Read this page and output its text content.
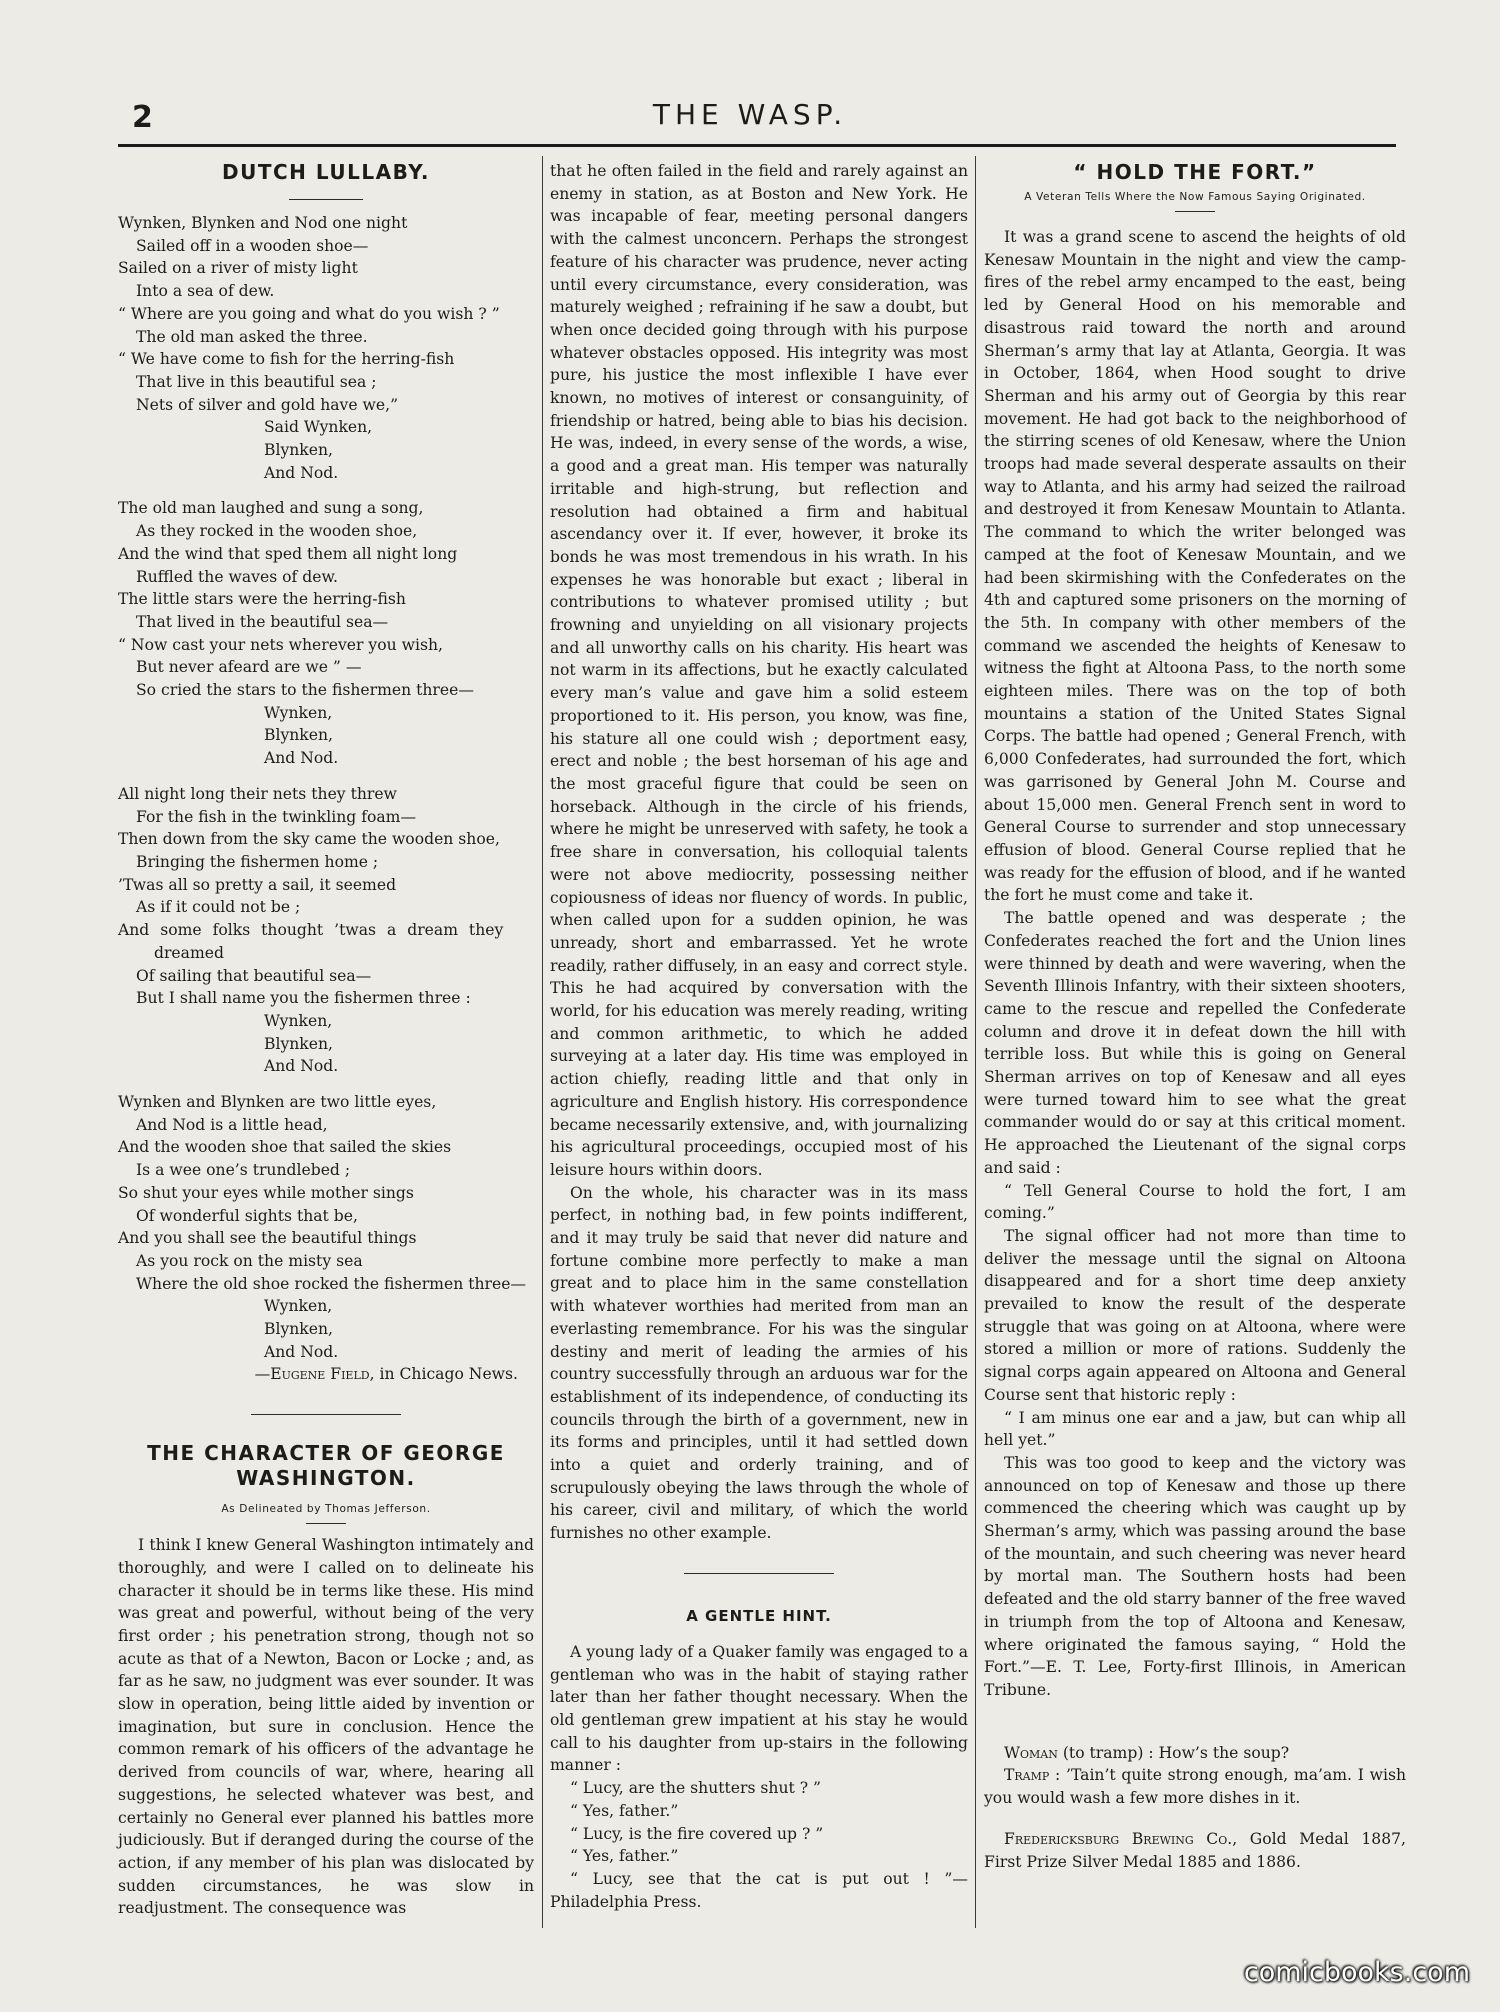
2	THE WASP.
DUTCH LULLABY.
Wynken, Blynken and Nod one night
Sailed off in a wooden shoe—
Sailed on a river of misty light
Into a sea of dew.
“ Where are you going and what do you wish ? ”
The old man asked the three.
“ We have come to fish for the herring-fish
That live in this beautiful sea ;
Nets of silver and gold have we,”
Said Wynken,
Blynken,
And Nod.
The old man laughed and sung a song,
As they rocked in the wooden shoe,
And the wind that sped them all night long
Ruffled the waves of dew.
The little stars were the herring-fish
That lived in the beautiful sea—
“ Now cast your nets wherever you wish,
But never afeard are we ” —
So cried the stars to the fishermen three—
Wynken,
Blynken,
And Nod.
All night long their nets they threw
For the fish in the twinkling foam—
Then down from the sky came the wooden shoe,
Bringing the fishermen home ;
’Twas all so pretty a sail, it seemed
As if it could not be ;
And some folks thought ’twas a dream they
dreamed
Of sailing that beautiful sea—
But I shall name you the fishermen three :
Wynken,
Blynken,
And Nod.
Wynken and Blynken are two little eyes,
And Nod is a little head,
And the wooden shoe that sailed the skies
Is a wee one’s trundlebed ;
So shut your eyes while mother sings
Of wonderful sights that be,
And you shall see the beautiful things
As you rock on the misty sea
Where the old shoe rocked the fishermen three—
Wynken,
Blynken,
And Nod.
—Eugene Field, in Chicago News.
THE CHARACTER OF GEORGE WASHINGTON.
As Delineated by Thomas Jefferson.

I think I knew General Washington intimately and thoroughly, and were I called on to delineate his character it should be in terms like these. His mind was great and powerful, without being of the very first order ; his penetration strong, though not so acute as that of a Newton, Bacon or Locke ; and, as far as he saw, no judgment was ever sounder. It was slow in operation, being little aided by invention or imagination, but sure in conclusion. Hence the common remark of his officers of the advantage he derived from councils of war, where, hearing all suggestions, he selected whatever was best, and certainly no General ever planned his battles more judiciously. But if deranged during the course of the action, if any member of his plan was dislocated by sudden circumstances, he was slow in readjustment. The consequence was

that he often failed in the field and rarely against an enemy in station, as at Boston and New York. He was incapable of fear, meeting personal dangers with the calmest unconcern. Perhaps the strongest feature of his character was prudence, never acting until every circumstance, every consideration, was maturely weighed ; refraining if he saw a doubt, but when once decided going through with his purpose whatever obstacles opposed. His integrity was most pure, his justice the most inflexible I have ever known, no motives of interest or consanguinity, of friendship or hatred, being able to bias his decision. He was, indeed, in every sense of the words, a wise, a good and a great man. His temper was naturally irritable and high-strung, but reflection and resolution had obtained a firm and habitual ascendancy over it. If ever, however, it broke its bonds he was most tremendous in his wrath. In his expenses he was honorable but exact ; liberal in contributions to whatever promised utility ; but frowning and unyielding on all visionary projects and all unworthy calls on his charity. His heart was not warm in its affections, but he exactly calculated every man’s value and gave him a solid esteem proportioned to it. His person, you know, was fine, his stature all one could wish ; deportment easy, erect and noble ; the best horseman of his age and the most graceful figure that could be seen on horseback. Although in the circle of his friends, where he might be unreserved with safety, he took a free share in conversation, his colloquial talents were not above mediocrity, possessing neither copiousness of ideas nor fluency of words. In public, when called upon for a sudden opinion, he was unready, short and embarrassed. Yet he wrote readily, rather diffusely, in an easy and correct style. This he had acquired by conversation with the world, for his education was merely reading, writing and common arithmetic, to which he added surveying at a later day. His time was employed in action chiefly, reading little and that only in agriculture and English history. His correspondence became necessarily extensive, and, with journalizing his agricultural proceedings, occupied most of his leisure hours within doors.

On the whole, his character was in its mass perfect, in nothing bad, in few points indifferent, and it may truly be said that never did nature and fortune combine more perfectly to make a man great and to place him in the same constellation with whatever worthies had merited from man an everlasting remembrance. For his was the singular destiny and merit of leading the armies of his country successfully through an arduous war for the establishment of its independence, of conducting its councils through the birth of a government, new in its forms and principles, until it had settled down into a quiet and orderly training, and of scrupulously obeying the laws through the whole of his career, civil and military, of which the world furnishes no other example.

A GENTLE HINT.

A young lady of a Quaker family was engaged to a gentleman who was in the habit of staying rather later than her father thought necessary. When the old gentleman grew impatient at his stay he would call to his daughter from up-stairs in the following manner :

“ Lucy, are the shutters shut ? ”

“ Yes, father.”

“ Lucy, is the fire covered up ? ”

“ Yes, father.”

“ Lucy, see that the cat is put out ! ”—Philadelphia Press.

“ HOLD THE FORT.”
A Veteran Tells Where the Now Famous Saying Originated.

It was a grand scene to ascend the heights of old Kenesaw Mountain in the night and view the camp-fires of the rebel army encamped to the east, being led by General Hood on his memorable and disastrous raid toward the north and around Sherman’s army that lay at Atlanta, Georgia. It was in October, 1864, when Hood sought to drive Sherman and his army out of Georgia by this rear movement. He had got back to the neighborhood of the stirring scenes of old Kenesaw, where the Union troops had made several desperate assaults on their way to Atlanta, and his army had seized the railroad and destroyed it from Kenesaw Mountain to Atlanta. The command to which the writer belonged was camped at the foot of Kenesaw Mountain, and we had been skirmishing with the Confederates on the 4th and captured some prisoners on the morning of the 5th. In company with other members of the command we ascended the heights of Kenesaw to witness the fight at Altoona Pass, to the north some eighteen miles. There was on the top of both mountains a station of the United States Signal Corps. The battle had opened ; General French, with 6,000 Confederates, had surrounded the fort, which was garrisoned by General John M. Course and about 15,000 men. General French sent in word to General Course to surrender and stop unnecessary effusion of blood. General Course replied that he was ready for the effusion of blood, and if he wanted the fort he must come and take it.

The battle opened and was desperate ; the Confederates reached the fort and the Union lines were thinned by death and were wavering, when the Seventh Illinois Infantry, with their sixteen shooters, came to the rescue and repelled the Confederate column and drove it in defeat down the hill with terrible loss. But while this is going on General Sherman arrives on top of Kenesaw and all eyes were turned toward him to see what the great commander would do or say at this critical moment. He approached the Lieutenant of the signal corps and said :

“ Tell General Course to hold the fort, I am coming.”

The signal officer had not more than time to deliver the message until the signal on Altoona disappeared and for a short time deep anxiety prevailed to know the result of the desperate struggle that was going on at Altoona, where were stored a million or more of rations. Suddenly the signal corps again appeared on Altoona and General Course sent that historic reply :

“ I am minus one ear and a jaw, but can whip all hell yet.”

This was too good to keep and the victory was announced on top of Kenesaw and those up there commenced the cheering which was caught up by Sherman’s army, which was passing around the base of the mountain, and such cheering was never heard by mortal man. The Southern hosts had been defeated and the old starry banner of the free waved in triumph from the top of Altoona and Kenesaw, where originated the famous saying, “ Hold the Fort.”—E. T. Lee, Forty-first Illinois, in American Tribune.

Woman (to tramp) : How’s the soup?

Tramp : ’Tain’t quite strong enough, ma’am. I wish you would wash a few more dishes in it.

Fredericksburg Brewing Co., Gold Medal 1887, First Prize Silver Medal 1885 and 1886.

comicbooks.com
